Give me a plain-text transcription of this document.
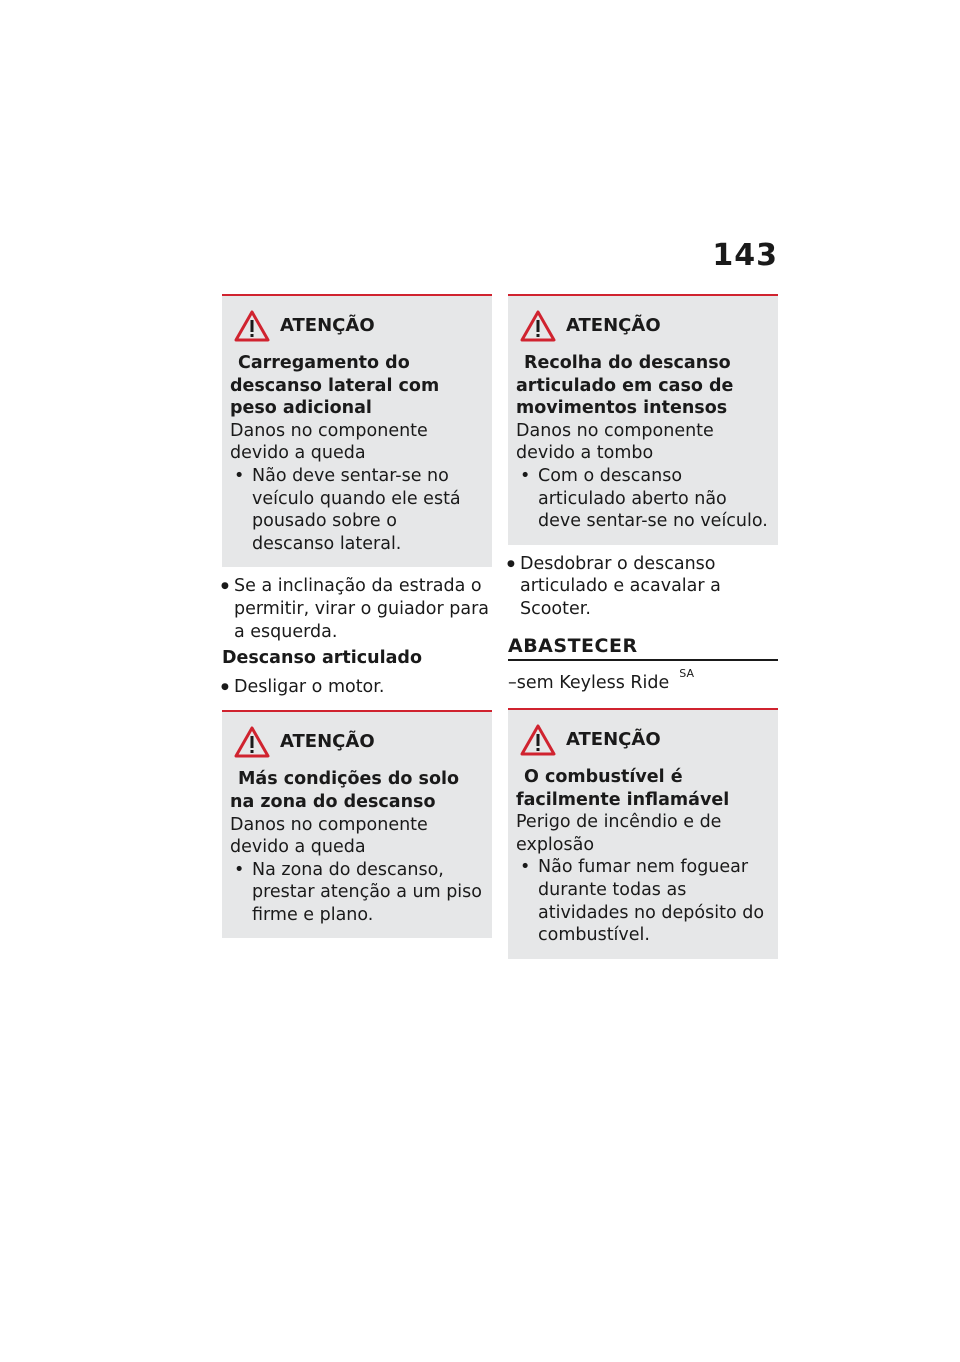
143
ATENÇÃO
Carregamento do descanso lateral com peso adicional
Danos no componente devido a queda
• Não deve sentar-se no veículo quando ele está pousado sobre o descanso lateral.
● Se a inclinação da estrada o permitir, virar o guiador para a esquerda.
Descanso articulado
● Desligar o motor.
ATENÇÃO
Más condições do solo na zona do descanso
Danos no componente devido a queda
• Na zona do descanso, prestar atenção a um piso firme e plano.
ATENÇÃO
Recolha do descanso articulado em caso de movimentos intensos
Danos no componente devido a tombo
• Com o descanso articulado aberto não deve sentar-se no veículo.
● Desdobrar o descanso articulado e acavalar a Scooter.
ABASTECER
–sem Keyless Ride $^{SA}$
ATENÇÃO
O combustível é facilmente inflamável
Perigo de incêndio e de explosão
• Não fumar nem foguear durante todas as atividades no depósito do combustível.
